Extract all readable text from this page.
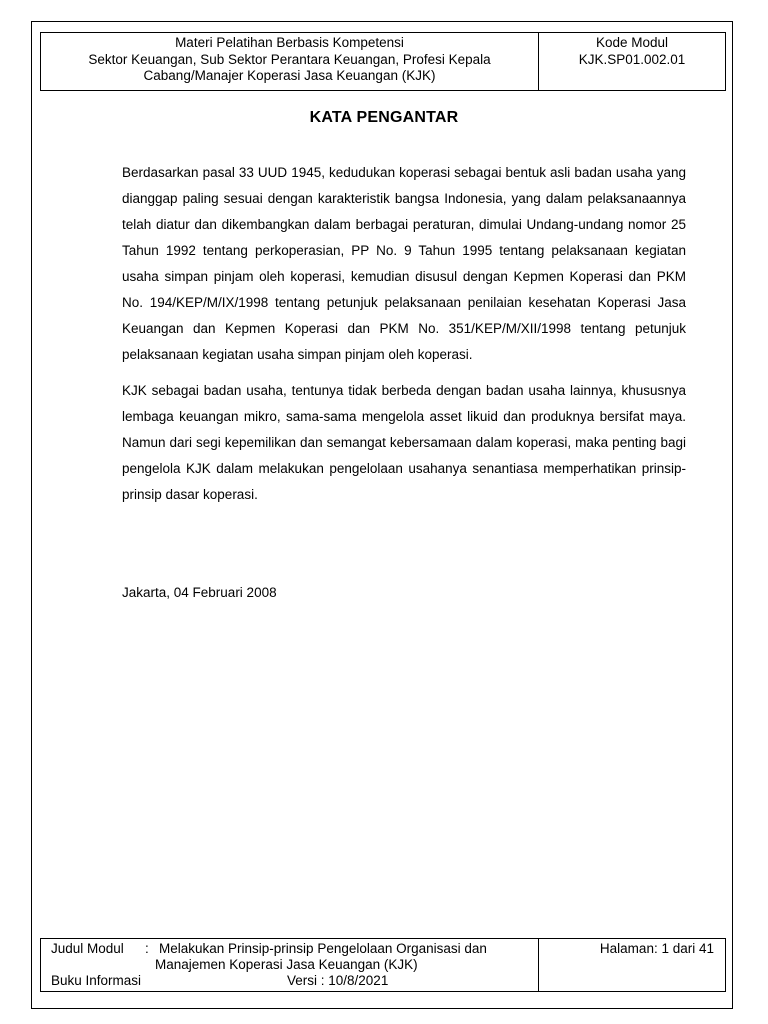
Materi Pelatihan Berbasis Kompetensi
Sektor Keuangan, Sub Sektor Perantara Keuangan, Profesi Kepala
Cabang/Manajer Koperasi Jasa Keuangan (KJK)
Kode Modul
KJK.SP01.002.01
KATA PENGANTAR

Berdasarkan pasal 33 UUD 1945, kedudukan koperasi sebagai bentuk asli badan usaha yang dianggap paling sesuai dengan karakteristik bangsa Indonesia, yang dalam pelaksanaannya telah diatur dan dikembangkan dalam berbagai peraturan, dimulai Undang-undang nomor 25 Tahun 1992 tentang perkoperasian, PP No. 9 Tahun 1995 tentang pelaksanaan kegiatan usaha simpan pinjam oleh koperasi, kemudian disusul dengan Kepmen Koperasi dan PKM No. 194/KEP/M/IX/1998 tentang petunjuk pelaksanaan penilaian kesehatan Koperasi Jasa Keuangan dan Kepmen Koperasi dan PKM No. 351/KEP/M/XII/1998 tentang petunjuk pelaksanaan kegiatan usaha simpan pinjam oleh koperasi.

KJK sebagai badan usaha, tentunya tidak berbeda dengan badan usaha lainnya, khususnya lembaga keuangan mikro, sama-sama mengelola asset likuid dan produknya bersifat maya. Namun dari segi kepemilikan dan semangat kebersamaan dalam koperasi, maka penting bagi pengelola KJK dalam melakukan pengelolaan usahanya senantiasa memperhatikan prinsip-prinsip dasar koperasi.

Jakarta, 04 Februari 2008
Judul Modul	: Melakukan Prinsip-prinsip Pengelolaan Organisasi dan
Manajemen Koperasi Jasa Keuangan (KJK)
Buku Informasi	Versi : 10/8/2021
Halaman: 1 dari 41
